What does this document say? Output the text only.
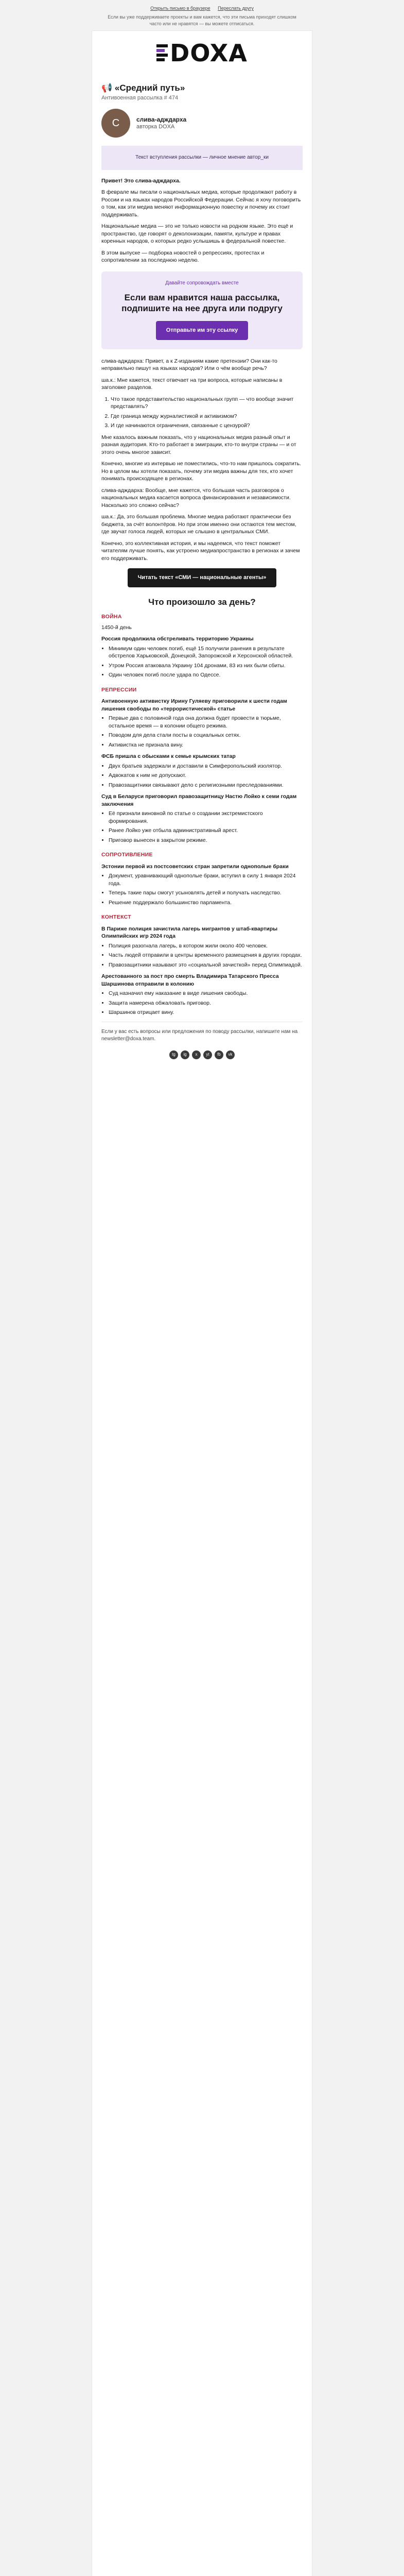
Открыть письмо в браузере Переслать другу
Если вы уже поддерживаете проекты и вам кажется, что эти письма приходят слишком часто или не нравятся — вы можете отписаться.
DOXA
📢 «Средний путь»
Антивоенная рассылка # 474
С	слива-адждарха
авторка DOXA
Текст вступления рассылки — личное мнение автор_ки

Привет! Это слива-адждарха.

В феврале мы писали о национальных медиа, которые продолжают работу в России и на языках народов Российской Федерации. Сейчас я хочу поговорить о том, как эти медиа меняют информационную повестку и почему их стоит поддерживать.

Национальные медиа — это не только новости на родном языке. Это ещё и пространство, где говорят о деколонизации, памяти, культуре и правах коренных народов, о которых редко услышишь в федеральной повестке.

В этом выпуске — подборка новостей о репрессиях, протестах и сопротивлении за последнюю неделю.

Давайте сопровождать вместе
Если вам нравится наша рассылка, подпишите на нее друга или подругу
Отправьте им эту ссылку

слива-адждарха: Привет, а к Z-изданиям какие претензии? Они как-то неправильно пишут на языках народов? Или о чём вообще речь?

ша.к.: Мне кажется, текст отвечает на три вопроса, которые написаны в заголовке разделов.

1. Что такое представительство национальных групп — что вообще значит представлять?
2. Где граница между журналистикой и активизмом?
3. И где начинаются ограничения, связанные с цензурой?

Мне казалось важным показать, что у национальных медиа разный опыт и разная аудитория. Кто-то работает в эмиграции, кто-то внутри страны — и от этого очень многое зависит.

Конечно, многие из интервью не поместились, что-то нам пришлось сократить. Но в целом мы хотели показать, почему эти медиа важны для тех, кто хочет понимать происходящее в регионах.

слива-адждарха: Вообще, мне кажется, что большая часть разговоров о национальных медиа касается вопроса финансирования и независимости. Насколько это сложно сейчас?

ша.к.: Да, это большая проблема. Многие медиа работают практически без бюджета, за счёт волонтёров. Но при этом именно они остаются тем местом, где звучат голоса людей, которых не слышно в центральных СМИ.

Конечно, это коллективная история, и мы надеемся, что текст поможет читателям лучше понять, как устроено медиапространство в регионах и зачем его поддерживать.

Читать текст «СМИ — национальные агенты»
Что произошло за день?
ВОЙНА

1450-й день

Россия продолжила обстреливать территорию Украины
• Минимум один человек погиб, ещё 15 получили ранения в результате обстрелов Харьковской, Донецкой, Запорожской и Херсонской областей.
• Утром Россия атаковала Украину 104 дронами, 83 из них были сбиты.
• Один человек погиб после удара по Одессе.
РЕПРЕССИИ
Антивоенную активистку Ирину Гуляеву приговорили к шести годам лишения свободы по «террористической» статье
• Первые два с половиной года она должна будет провести в тюрьме, остальное время — в колонии общего режима.
• Поводом для дела стали посты в социальных сетях.
• Активистка не признала вину.
ФСБ пришла с обысками к семье крымских татар
• Двух братьев задержали и доставили в Симферопольский изолятор.
• Адвокатов к ним не допускают.
• Правозащитники связывают дело с религиозными преследованиями.
Суд в Беларуси приговорил правозащитницу Настю Лойко к семи годам заключения
• Её признали виновной по статье о создании экстремистского формирования.
• Ранее Лойко уже отбыла административный арест.
• Приговор вынесен в закрытом режиме.
СОПРОТИВЛЕНИЕ
Эстонии первой из постсоветских стран запретили однополые браки
• Документ, уравнивающий однополые браки, вступил в силу 1 января 2024 года.
• Теперь такие пары смогут усыновлять детей и получать наследство.
• Решение поддержало большинство парламента.
КОНТЕКСТ
В Париже полиция зачистила лагерь мигрантов у штаб-квартиры Олимпийских игр 2024 года
• Полиция разогнала лагерь, в котором жили около 400 человек.
• Часть людей отправили в центры временного размещения в других городах.
• Правозащитники называют это «социальной зачисткой» перед Олимпиадой.
Арестованного за пост про смерть Владимира Татарского Пресса Шаршинова отправили в колонию
• Суд назначил ему наказание в виде лишения свободы.
• Защита намерена обжаловать приговор.
• Шаршинов отрицает вину.
Если у вас есть вопросы или предложения по поводу рассылки, напишите нам на newsletter@doxa.team.
tg	ig	x	yt	fb	vk
